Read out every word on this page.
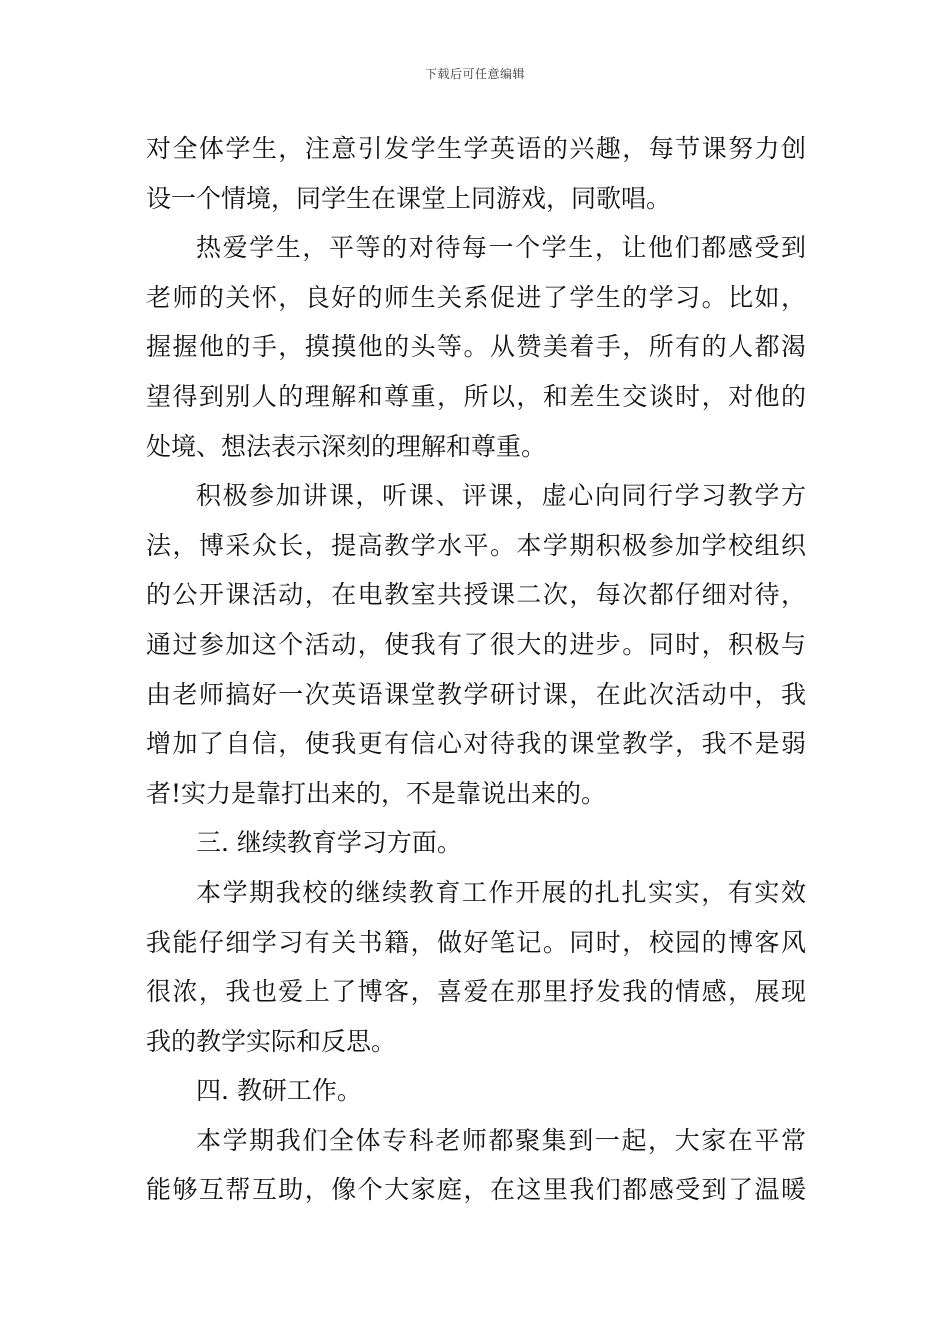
下载后可任意编辑
对全体学生，注意引发学生学英语的兴趣，每节课努力创
设一个情境，同学生在课堂上同游戏，同歌唱。
热爱学生，平等的对待每一个学生，让他们都感受到
老师的关怀，良好的师生关系促进了学生的学习。比如，
握握他的手，摸摸他的头等。从赞美着手，所有的人都渴
望得到别人的理解和尊重，所以，和差生交谈时，对他的
处境、想法表示深刻的理解和尊重。
积极参加讲课，听课、评课，虚心向同行学习教学方
法，博采众长，提高教学水平。本学期积极参加学校组织
的公开课活动，在电教室共授课二次，每次都仔细对待，
通过参加这个活动，使我有了很大的进步。同时，积极与
由老师搞好一次英语课堂教学研讨课，在此次活动中，我
增加了自信，使我更有信心对待我的课堂教学，我不是弱
者!实力是靠打出来的，不是靠说出来的。
三. 继续教育学习方面。
本学期我校的继续教育工作开展的扎扎实实，有实效
我能仔细学习有关书籍，做好笔记。同时，校园的博客风
很浓，我也爱上了博客，喜爱在那里抒发我的情感，展现
我的教学实际和反思。
四. 教研工作。
本学期我们全体专科老师都聚集到一起，大家在平常
能够互帮互助，像个大家庭，在这里我们都感受到了温暖
